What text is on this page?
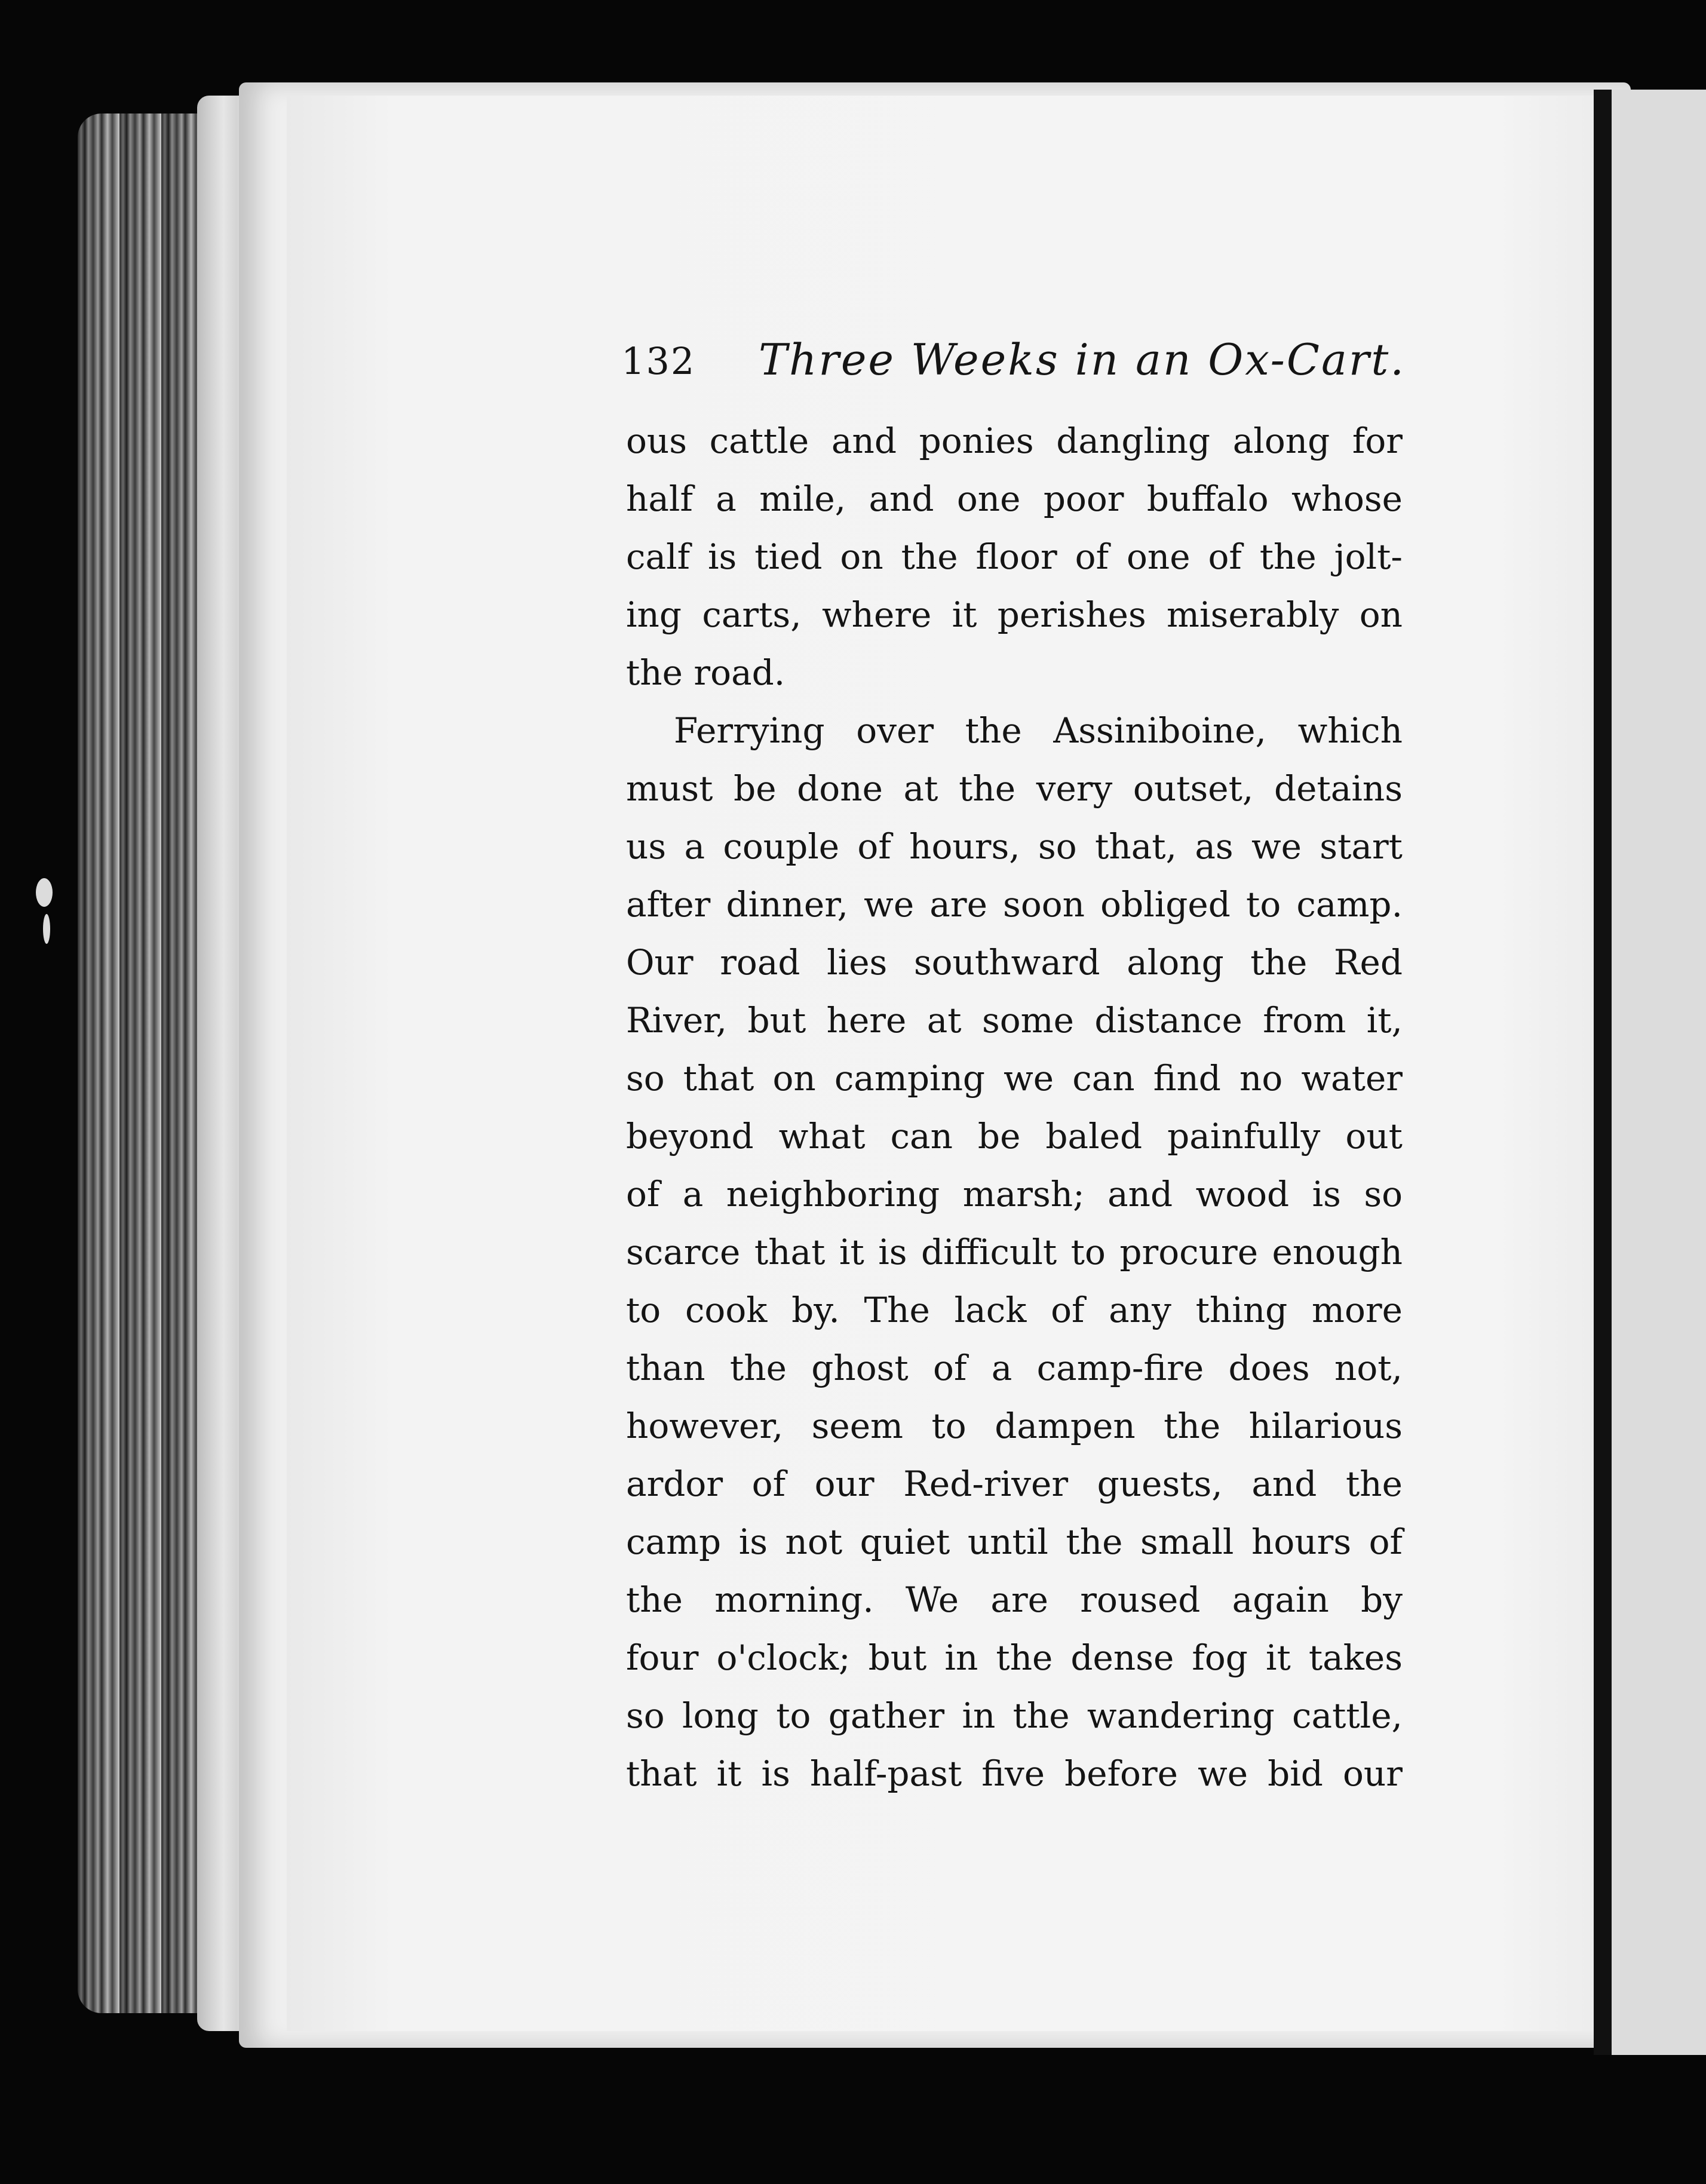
132 Three Weeks in an Ox-Cart.
ous cattle and ponies dangling along for
half a mile, and one poor buffalo whose
calf is tied on the floor of one of the jolt-
ing carts, where it perishes miserably on
the road.
Ferrying over the Assiniboine, which
must be done at the very outset, detains
us a couple of hours, so that, as we start
after dinner, we are soon obliged to camp.
Our road lies southward along the Red
River, but here at some distance from it,
so that on camping we can find no water
beyond what can be baled painfully out
of a neighboring marsh; and wood is so
scarce that it is difficult to procure enough
to cook by. The lack of any thing more
than the ghost of a camp-fire does not,
however, seem to dampen the hilarious
ardor of our Red-river guests, and the
camp is not quiet until the small hours of
the morning. We are roused again by
four o'clock; but in the dense fog it takes
so long to gather in the wandering cattle,
that it is half-past five before we bid our
